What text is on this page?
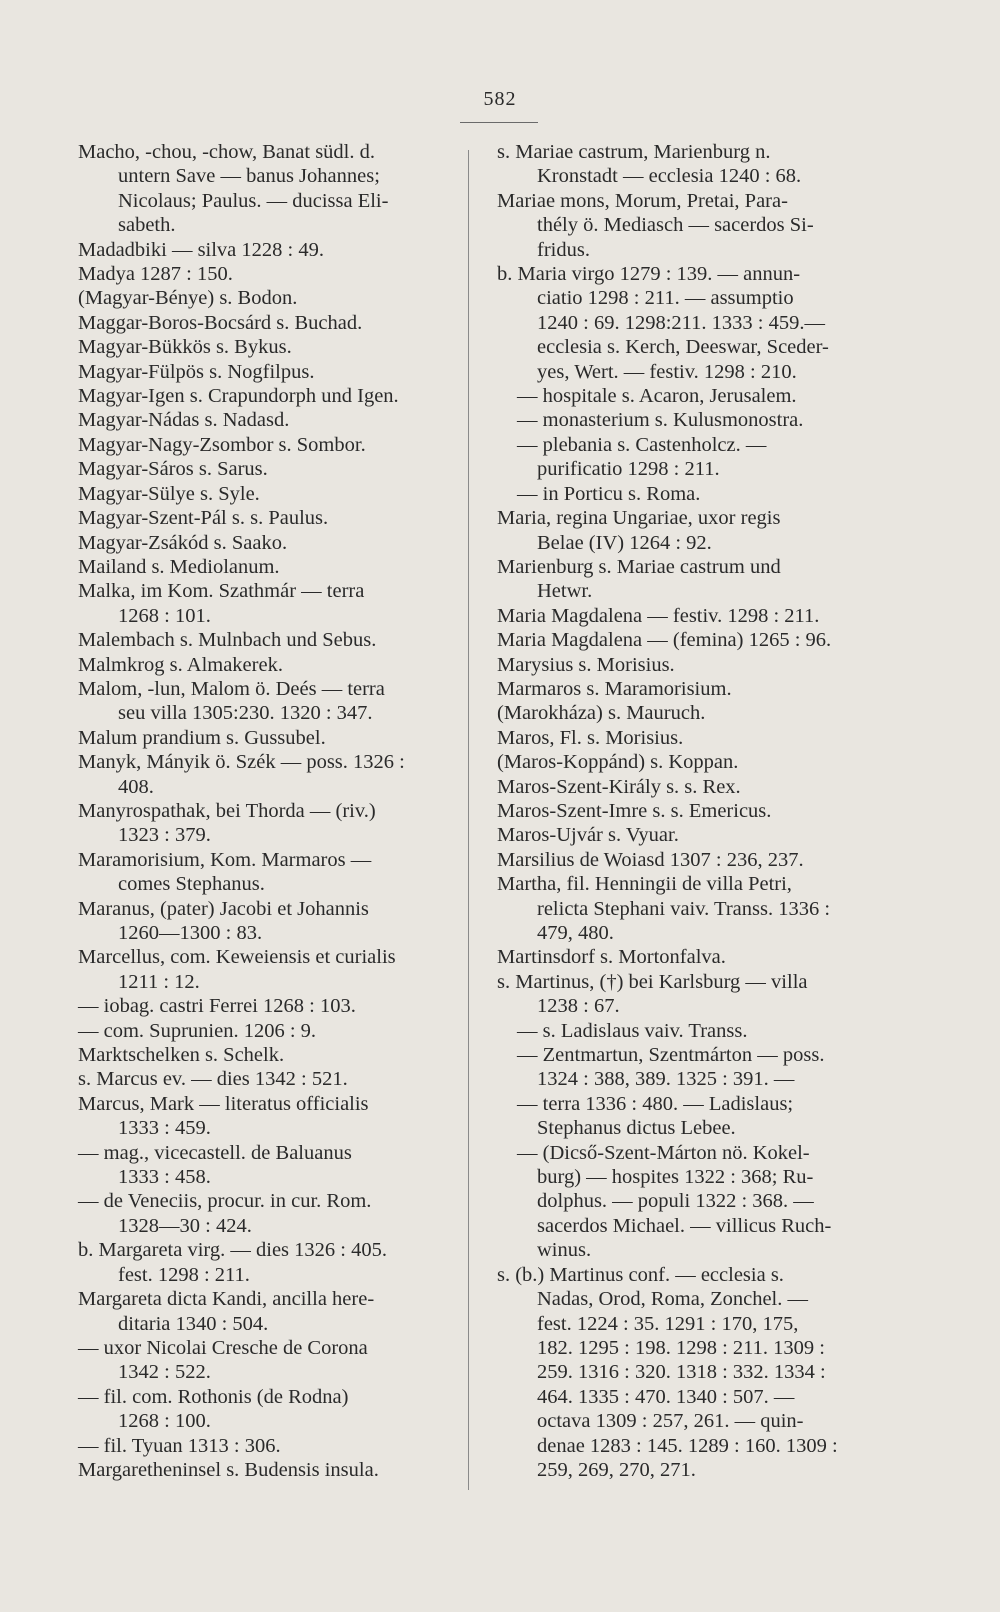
582
Macho, -chou, -chow, Banat südl. d.
untern Save — banus Johannes;
Nicolaus; Paulus. — ducissa Eli-
sabeth.
Madadbiki — silva 1228 : 49.
Madya 1287 : 150.
(Magyar-Bénye) s. Bodon.
Maggar-Boros-Bocsárd s. Buchad.
Magyar-Bükkös s. Bykus.
Magyar-Fülpös s. Nogfilpus.
Magyar-Igen s. Crapundorph und Igen.
Magyar-Nádas s. Nadasd.
Magyar-Nagy-Zsombor s. Sombor.
Magyar-Sáros s. Sarus.
Magyar-Sülye s. Syle.
Magyar-Szent-Pál s. s. Paulus.
Magyar-Zsákód s. Saako.
Mailand s. Mediolanum.
Malka, im Kom. Szathmár — terra
1268 : 101.
Malembach s. Mulnbach und Sebus.
Malmkrog s. Almakerek.
Malom, -lun, Malom ö. Deés — terra
seu villa 1305:230. 1320 : 347.
Malum prandium s. Gussubel.
Manyk, Mányik ö. Szék — poss. 1326 :
408.
Manyrospathak, bei Thorda — (riv.)
1323 : 379.
Maramorisium, Kom. Marmaros —
comes Stephanus.
Maranus, (pater) Jacobi et Johannis
1260—1300 : 83.
Marcellus, com. Keweiensis et curialis
1211 : 12.
— iobag. castri Ferrei 1268 : 103.
— com. Suprunien. 1206 : 9.
Marktschelken s. Schelk.
s. Marcus ev. — dies 1342 : 521.
Marcus, Mark — literatus officialis
1333 : 459.
— mag., vicecastell. de Baluanus
1333 : 458.
— de Veneciis, procur. in cur. Rom.
1328—30 : 424.
b. Margareta virg. — dies 1326 : 405.
fest. 1298 : 211.
Margareta dicta Kandi, ancilla here-
ditaria 1340 : 504.
— uxor Nicolai Cresche de Corona
1342 : 522.
— fil. com. Rothonis (de Rodna)
1268 : 100.
— fil. Tyuan 1313 : 306.
Margaretheninsel s. Budensis insula.
s. Mariae castrum, Marienburg n.
Kronstadt — ecclesia 1240 : 68.
Mariae mons, Morum, Pretai, Para-
thély ö. Mediasch — sacerdos Si-
fridus.
b. Maria virgo 1279 : 139. — annun-
ciatio 1298 : 211. — assumptio
1240 : 69. 1298:211. 1333 : 459.—
ecclesia s. Kerch, Deeswar, Sceder-
yes, Wert. — festiv. 1298 : 210.
— hospitale s. Acaron, Jerusalem.
— monasterium s. Kulusmonostra.
— plebania s. Castenholcz. —
purificatio 1298 : 211.
— in Porticu s. Roma.
Maria, regina Ungariae, uxor regis
Belae (IV) 1264 : 92.
Marienburg s. Mariae castrum und
Hetwr.
Maria Magdalena — festiv. 1298 : 211.
Maria Magdalena — (femina) 1265 : 96.
Marysius s. Morisius.
Marmaros s. Maramorisium.
(Marokháza) s. Mauruch.
Maros, Fl. s. Morisius.
(Maros-Koppánd) s. Koppan.
Maros-Szent-Király s. s. Rex.
Maros-Szent-Imre s. s. Emericus.
Maros-Ujvár s. Vyuar.
Marsilius de Woiasd 1307 : 236, 237.
Martha, fil. Henningii de villa Petri,
relicta Stephani vaiv. Transs. 1336 :
479, 480.
Martinsdorf s. Mortonfalva.
s. Martinus, (†) bei Karlsburg — villa
1238 : 67.
— s. Ladislaus vaiv. Transs.
— Zentmartun, Szentmárton — poss.
1324 : 388, 389. 1325 : 391. —
— terra 1336 : 480. — Ladislaus;
Stephanus dictus Lebee.
— (Dicső-Szent-Márton nö. Kokel-
burg) — hospites 1322 : 368; Ru-
dolphus. — populi 1322 : 368. —
sacerdos Michael. — villicus Ruch-
winus.
s. (b.) Martinus conf. — ecclesia s.
Nadas, Orod, Roma, Zonchel. —
fest. 1224 : 35. 1291 : 170, 175,
182. 1295 : 198. 1298 : 211. 1309 :
259. 1316 : 320. 1318 : 332. 1334 :
464. 1335 : 470. 1340 : 507. —
octava 1309 : 257, 261. — quin-
denae 1283 : 145. 1289 : 160. 1309 :
259, 269, 270, 271.
